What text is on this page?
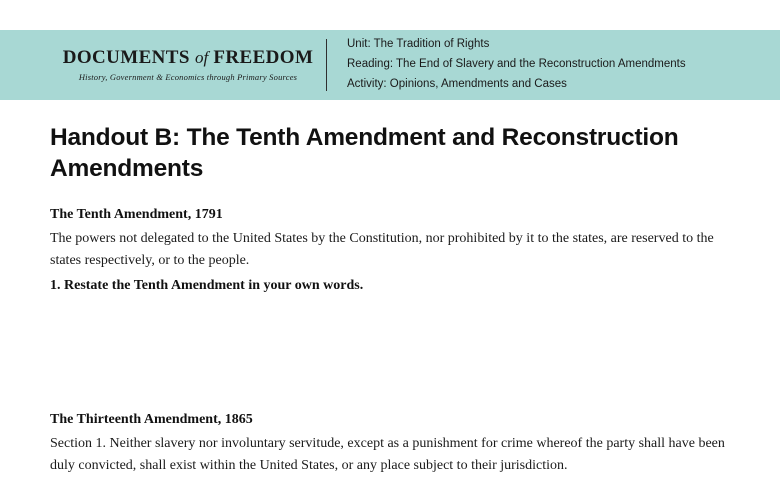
DOCUMENTS of FREEDOM
History, Government & Economics through Primary Sources
Unit: The Tradition of Rights
Reading: The End of Slavery and the Reconstruction Amendments
Activity: Opinions, Amendments and Cases
Handout B: The Tenth Amendment and Reconstruction Amendments
The Tenth Amendment, 1791

The powers not delegated to the United States by the Constitution, nor prohibited by it to the states, are reserved to the states respectively, or to the people.

1. Restate the Tenth Amendment in your own words.

The Thirteenth Amendment, 1865

Section 1. Neither slavery nor involuntary servitude, except as a punishment for crime whereof the party shall have been duly convicted, shall exist within the United States, or any place subject to their jurisdiction.
